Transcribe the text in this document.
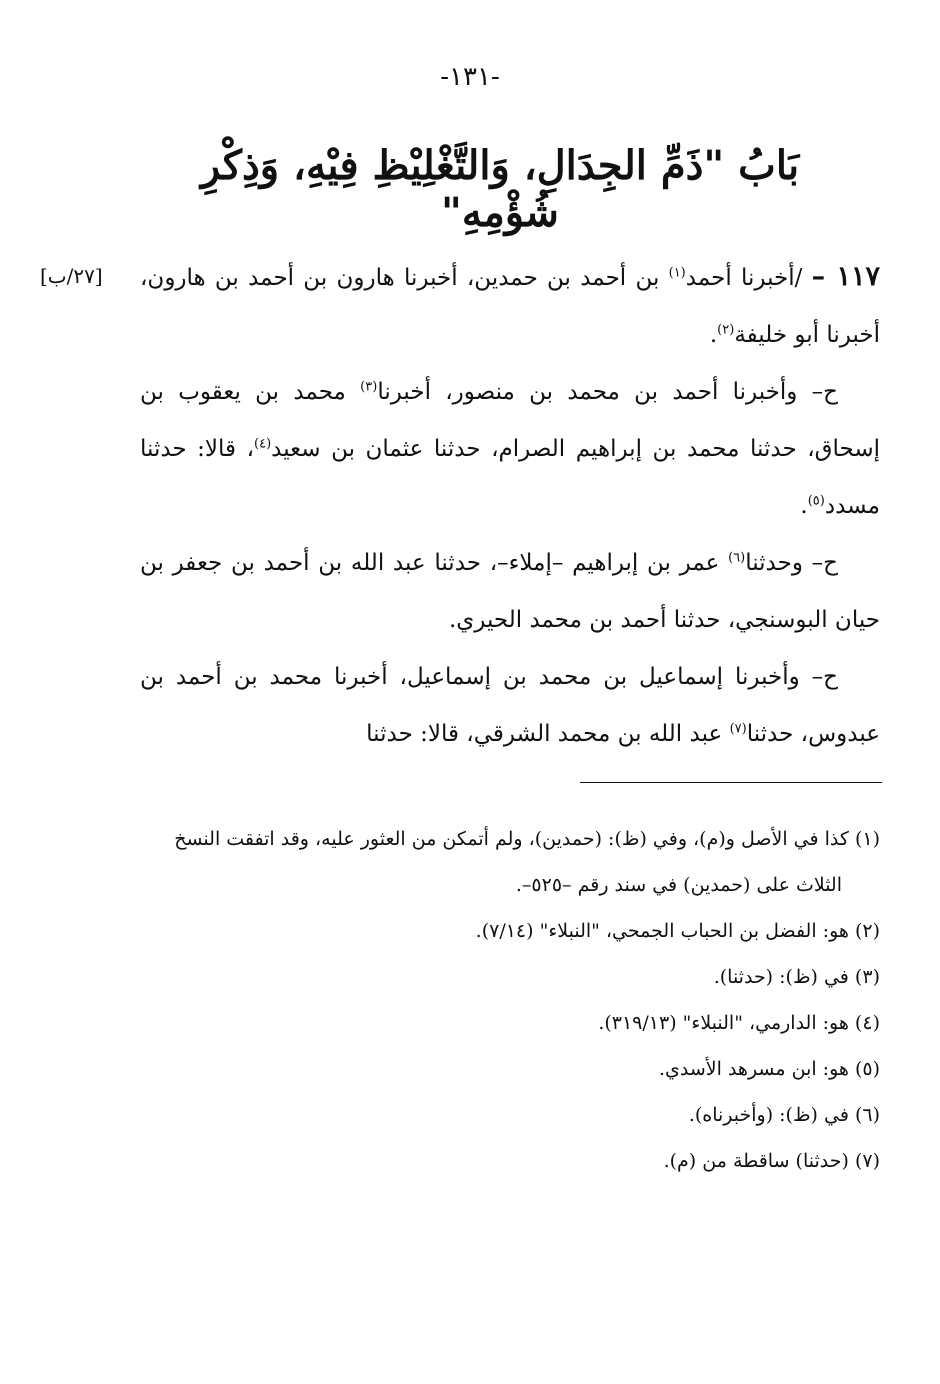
-١٣١-
بَابُ "ذَمِّ الجِدَالِ، وَالتَّغْلِيْظِ فِيْهِ، وَذِكْرِ شُؤْمِهِ"
[٢٧/ب]	١١٧ – /أخبرنا أحمد$^{(١)}$ بن أحمد بن حمدين، أخبرنا هارون بن أحمد بن هارون، أخبرنا أبو خليفة$^{(٢)}$.

ح– وأخبرنا أحمد بن محمد بن منصور، أخبرنا$^{(٣)}$ محمد بن يعقوب بن إسحاق، حدثنا محمد بن إبراهيم الصرام، حدثنا عثمان بن سعيد$^{(٤)}$، قالا: حدثنا مسدد$^{(٥)}$.

ح– وحدثنا$^{(٦)}$ عمر بن إبراهيم –إملاء–، حدثنا عبد الله بن أحمد بن جعفر بن حيان البوسنجي، حدثنا أحمد بن محمد الحيري.

ح– وأخبرنا إسماعيل بن محمد بن إسماعيل، أخبرنا محمد بن أحمد بن عبدوس، حدثنا$^{(٧)}$ عبد الله بن محمد الشرقي، قالا: حدثنا

(١) كذا في الأصل و(م)، وفي (ظ): (حمدين)، ولم أتمكن من العثور عليه، وقد اتفقت النسخ

الثلاث على (حمدين) في سند رقم –٥٢٥–.

(٢) هو: الفضل بن الحباب الجمحي، "النبلاء" (٧/١٤).

(٣) في (ظ): (حدثنا).

(٤) هو: الدارمي، "النبلاء" (٣١٩/١٣).

(٥) هو: ابن مسرهد الأسدي.

(٦) في (ظ): (وأخبرناه).

(٧) (حدثنا) ساقطة من (م).
